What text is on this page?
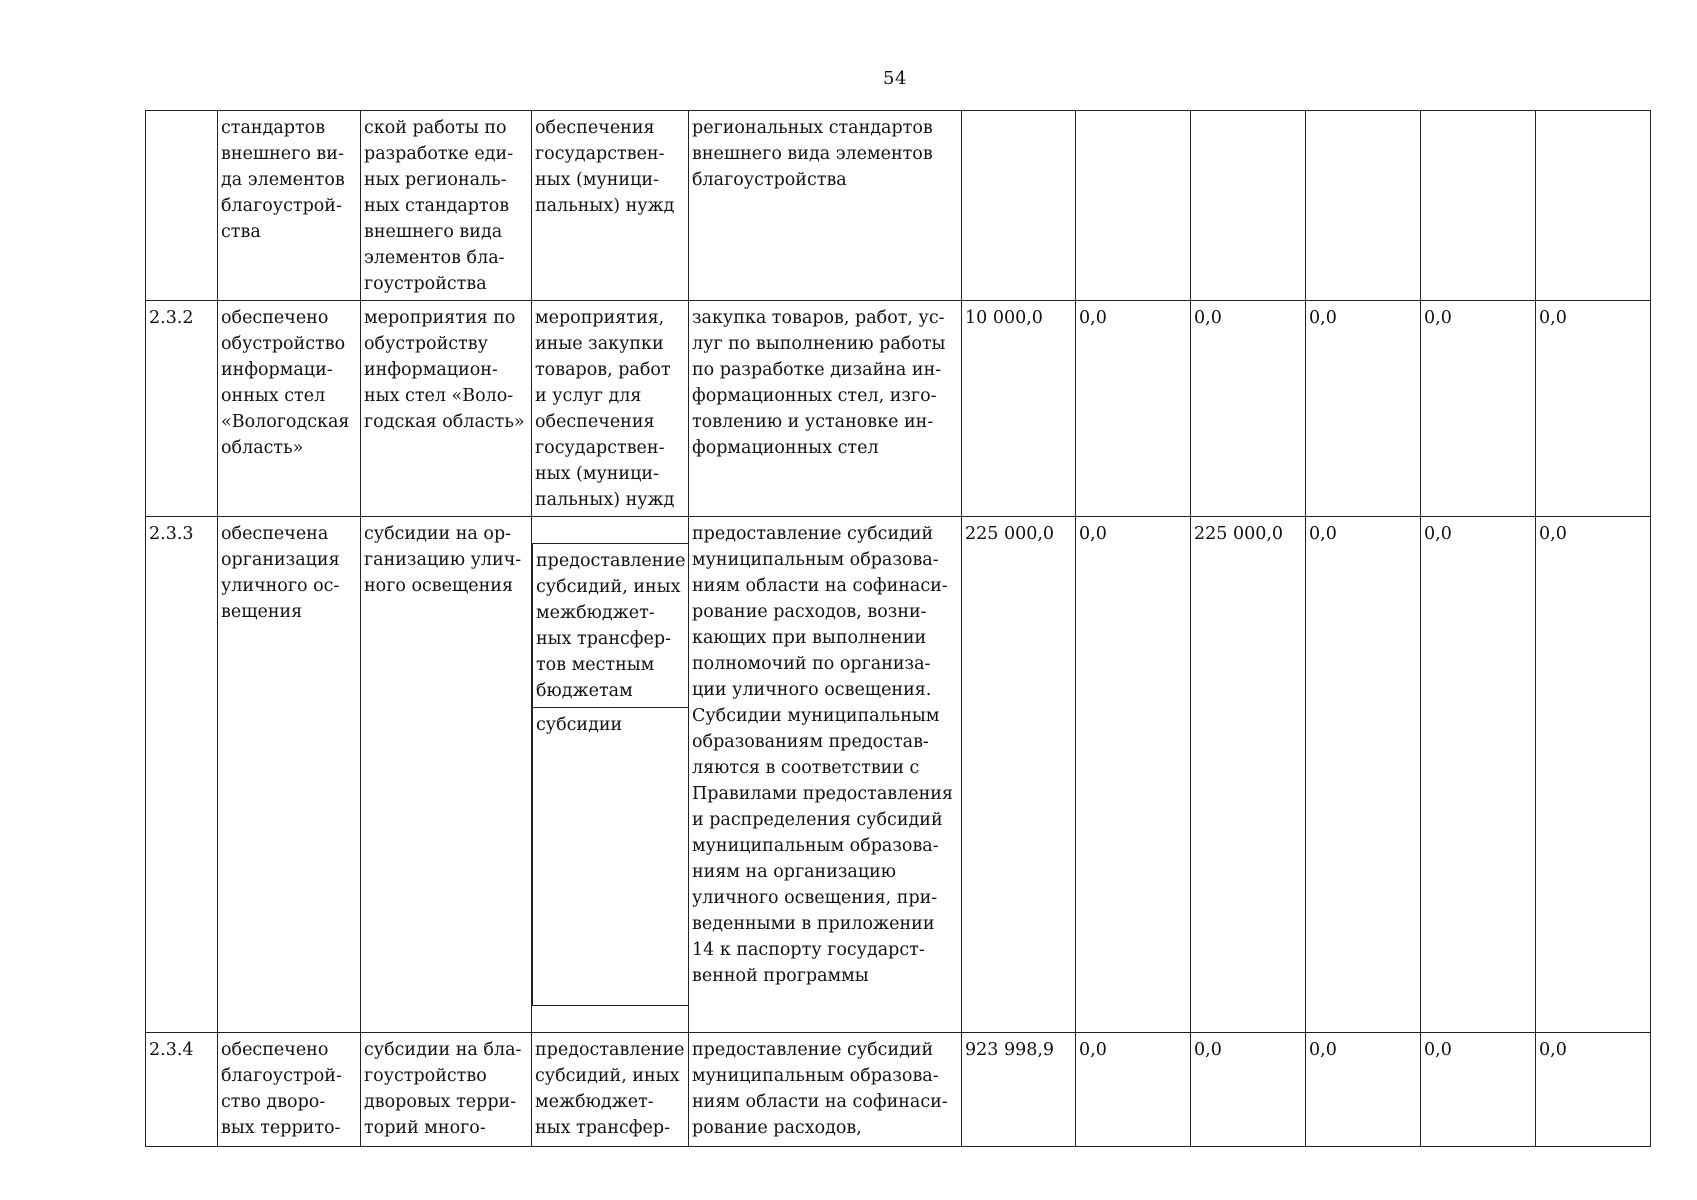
54
	стандартов
внешнего ви-
да элементов
благоустрой-
ства	ской работы по
разработке еди-
ных региональ-
ных стандартов
внешнего вида
элементов бла-
гоустройства	обеспечения
государствен-
ных (муници-
пальных) нужд	региональных стандартов
внешнего вида элементов
благоустройства						
2.3.2	обеспечено
обустройство
информаци-
онных стел
«Вологодская
область»	мероприятия по
обустройству
информацион-
ных стел «Воло-
годская область»	мероприятия,
иные закупки
товаров, работ
и услуг для
обеспечения
государствен-
ных (муници-
пальных) нужд	закупка товаров, работ, ус-
луг по выполнению работы
по разработке дизайна ин-
формационных стел, изго-
товлению и установке ин-
формационных стел	10 000,0	0,0	0,0	0,0	0,0	0,0
2.3.3	обеспечена
организация
уличного ос-
вещения	субсидии на ор-
ганизацию улич-
ного освещения	

предоставление
субсидий, иных
межбюджет-
ных трансфер-
тов местным
бюджетам
субсидии

	предоставление субсидий
муниципальным образова-
ниям области на софинаси-
рование расходов, возни-
кающих при выполнении
полномочий по организа-
ции уличного освещения.
Субсидии муниципальным
образованиям предостав-
ляются в соответствии с
Правилами предоставления
и распределения субсидий
муниципальным образова-
ниям на организацию
уличного освещения, при-
веденными в приложении
14 к паспорту государст-
венной программы	225 000,0	0,0	225 000,0	0,0	0,0	0,0
2.3.4	обеспечено
благоустрой-
ство дворо-
вых террито-	субсидии на бла-
гоустройство
дворовых терри-
торий много-	предоставление
субсидий, иных
межбюджет-
ных трансфер-	предоставление субсидий
муниципальным образова-
ниям области на софинаси-
рование расходов,	923 998,9	0,0	0,0	0,0	0,0	0,0
